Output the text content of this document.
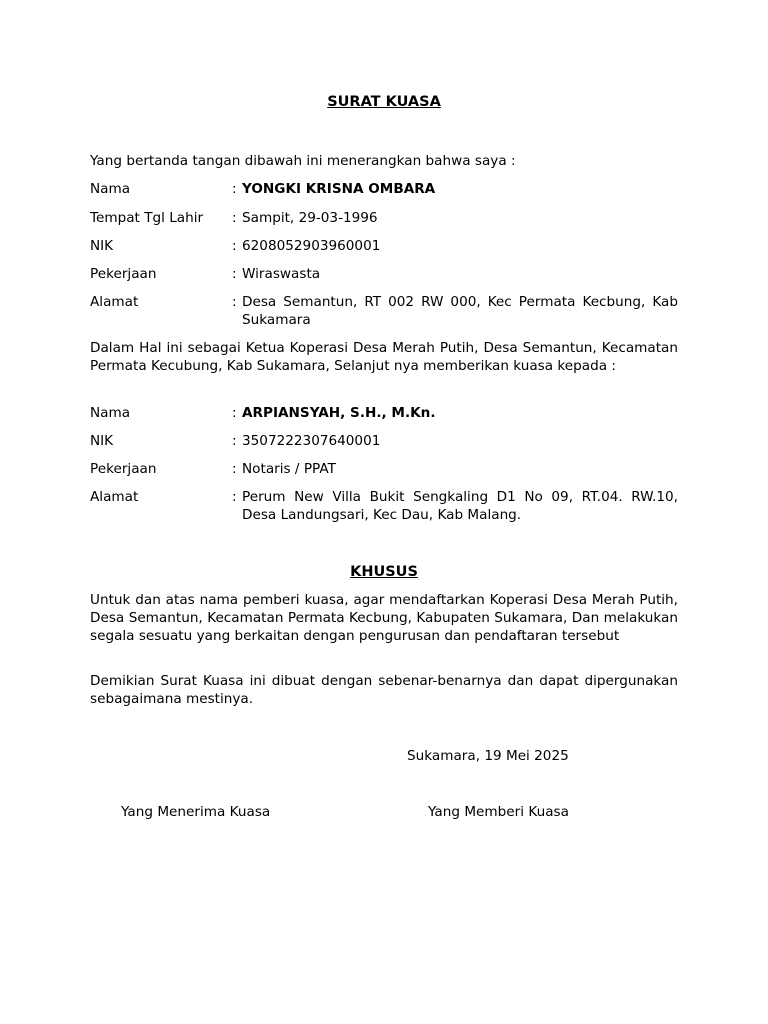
SURAT KUASA
Yang bertanda tangan dibawah ini menerangkan bahwa saya :
Nama	: YONGKI KRISNA OMBARA
Tempat Tgl Lahir : Sampit, 29-03-1996
NIK	: 6208052903960001
Pekerjaan	: Wiraswasta
Alamat	: Desa Semantun, RT 002 RW 000, Kec Permata Kecbung, Kab Sukamara
Dalam Hal ini sebagai Ketua Koperasi Desa Merah Putih, Desa Semantun, Kecamatan Permata Kecubung, Kab Sukamara, Selanjut nya memberikan kuasa kepada :
Nama	: ARPIANSYAH, S.H., M.Kn.
NIK	: 3507222307640001
Pekerjaan	: Notaris / PPAT
Alamat	: Perum New Villa Bukit Sengkaling D1 No 09, RT.04. RW.10, Desa Landungsari, Kec Dau, Kab Malang.
KHUSUS
Untuk dan atas nama pemberi kuasa, agar mendaftarkan Koperasi Desa Merah Putih, Desa Semantun, Kecamatan Permata Kecbung, Kabupaten Sukamara, Dan melakukan segala sesuatu yang berkaitan dengan pengurusan dan pendaftaran tersebut
Demikian Surat Kuasa ini dibuat dengan sebenar-benarnya dan dapat dipergunakan sebagaimana mestinya.
Sukamara, 19 Mei 2025
Yang Menerima Kuasa	Yang Memberi Kuasa
